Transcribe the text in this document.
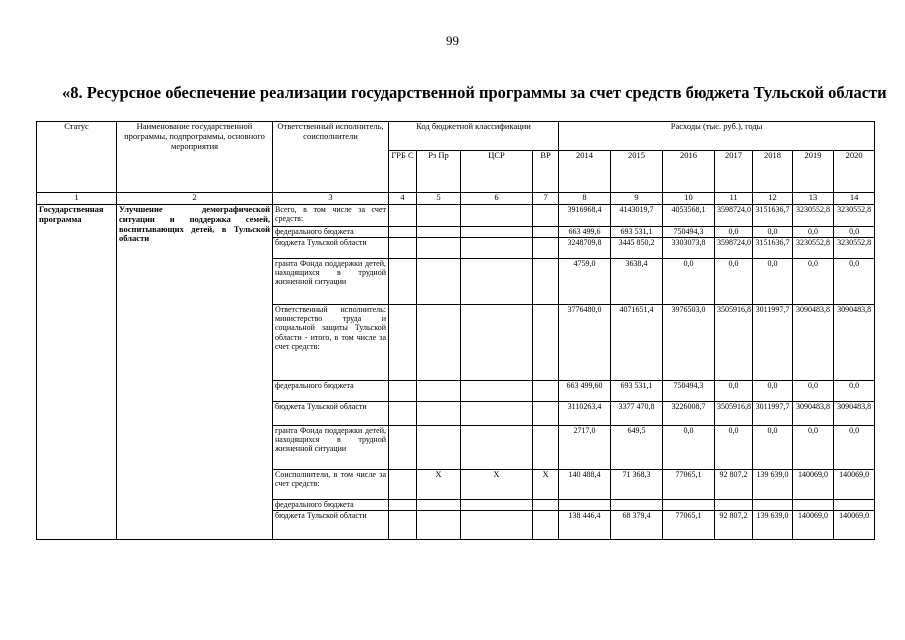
99
«8. Ресурсное обеспечение реализации государственной программы за счет средств бюджета Тульской области
Статус	Наименование государственной программы, подпрограммы, основного мероприятия	Ответственный исполнитель, соисполнители	Код бюджетной классификации				Расходы (тыс. руб.), годы						
			ГРБ С	Рз Пр	ЦСР	ВР	2014	2015	2016	2017	2018	2019	2020
1	2	3	4	5	6	7	8	9	10	11	12	13	14
Государственная программа	Улучшение демографической ситуации и поддержка семей, воспитывающих детей, в Тульской области	Всего, в том числе за счет средств:					3916968,4	4143019,7	4053568,1	3598724,0	3151636,7	3230552,8	3230552,8
		федерального бюджета					663 499,6	693 531,1	750494,3	0,0	0,0	0,0	0,0
		бюджета Тульской области					3248709,8	3445 850,2	3303073,8	3598724,0	3151636,7	3230552,8	3230552,8
		гранта Фонда поддержки детей, находящихся в трудной жизненной ситуации					4759,0	3638,4	0,0	0,0	0,0	0,0	0,0
		Ответственный исполнитель: министерство труда и социальной защиты Тульской области - итого, в том числе за счет средств:					3776480,0	4071651,4	3976503,0	3505916,8	3011997,7	3090483,8	3090483,8
		федерального бюджета					663 499,60	693 531,1	750494,3	0,0	0,0	0,0	0,0
		бюджета Тульской области					3110263,4	3377 470,8	3226008,7	3505916,8	3011997,7	3090483,8	3090483,8
		гранта Фонда поддержки детей, находящихся в трудной жизненной ситуации					2717,0	649,5	0,0	0,0	0,0	0,0	0,0
		Соисполнители, в том числе за счет средств:		Х	Х	Х	140 488,4	71 368,3	77065,1	92 807,2	139 639,0	140069,0	140069,0
		федерального бюджета											
		бюджета Тульской области					138 446,4	68 379,4	77065,1	92 807,2	139 639,0	140069,0	140069,0
